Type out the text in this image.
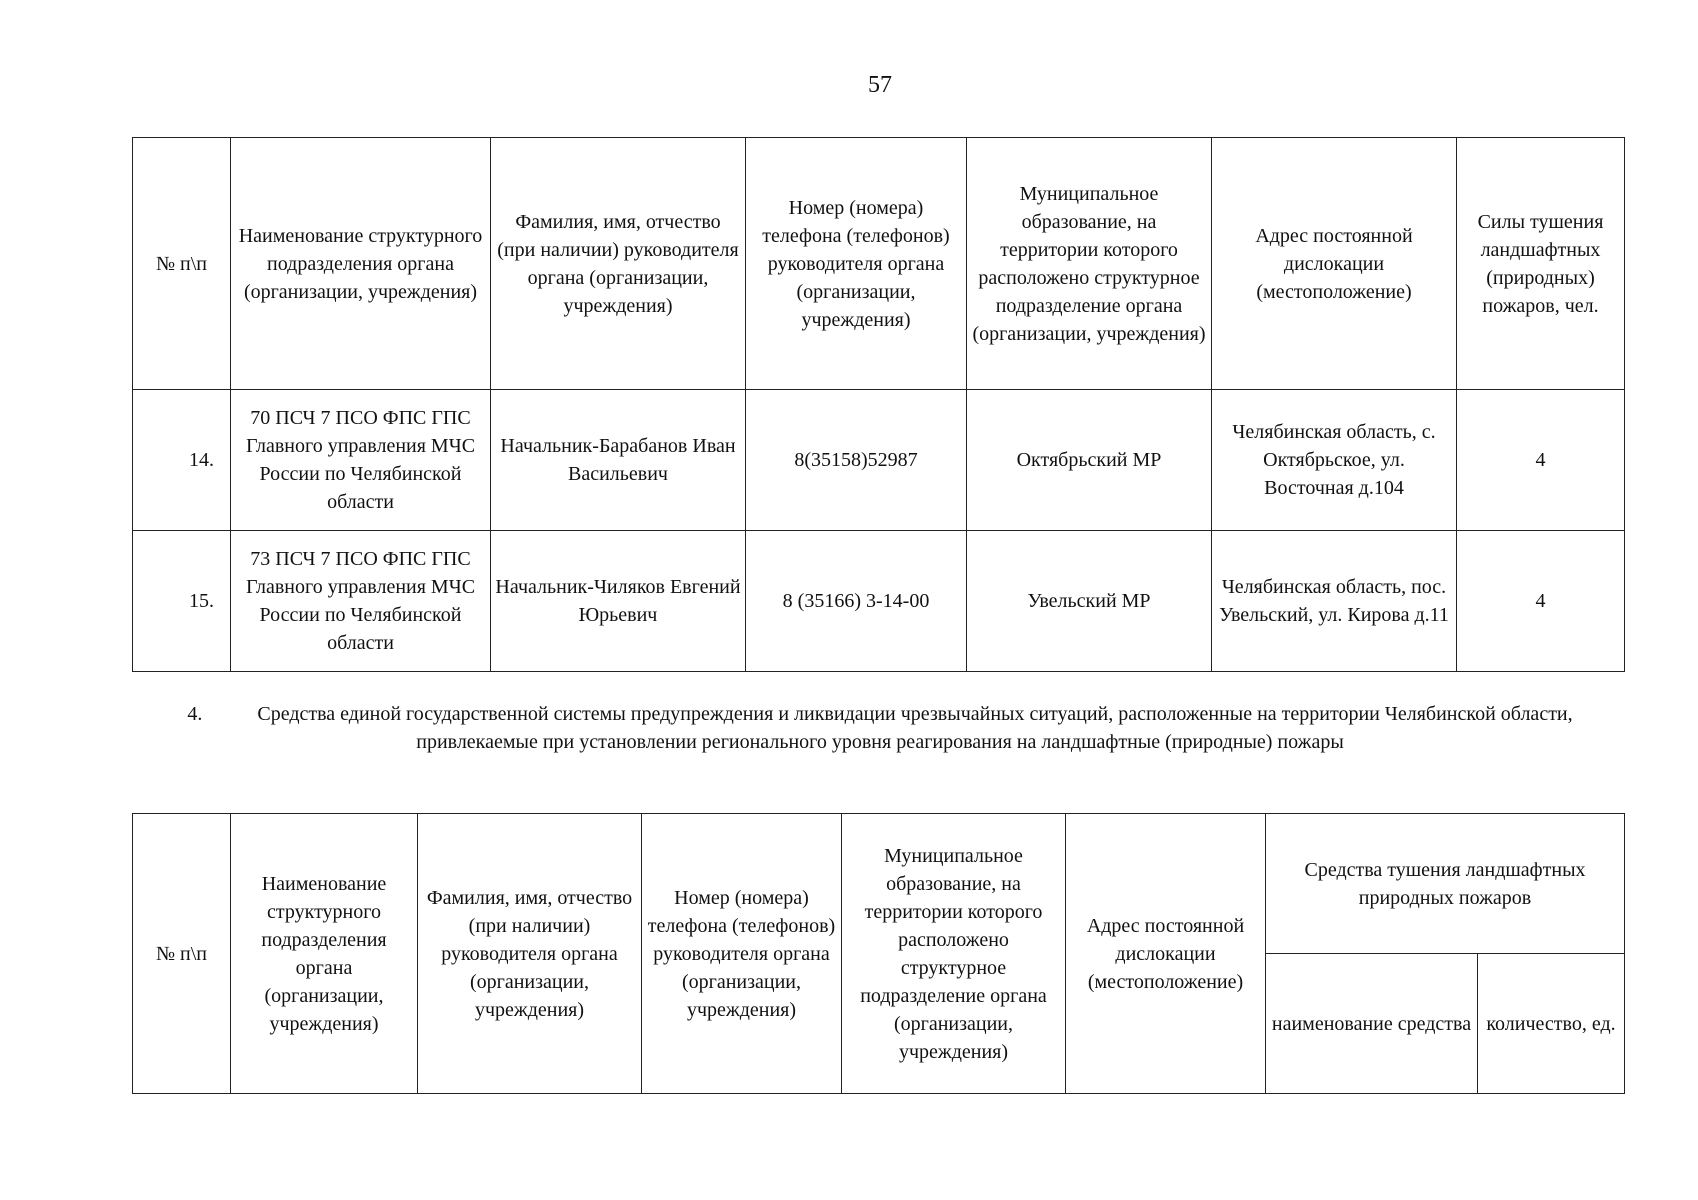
57
№ п\п	Наименование структурного подразделения органа (организации, учреждения)	Фамилия, имя, отчество (при наличии) руководителя органа (организации, учреждения)	Номер (номера) телефона (телефонов) руководителя органа (организации, учреждения)	Муниципальное образование, на территории которого расположено структурное подразделение органа (организации, учреждения)	Адрес постоянной дислокации (местоположение)	Силы тушения ландшафтных (природных) пожаров, чел.
14.	70 ПСЧ 7 ПСО ФПС ГПС Главного управления МЧС России по Челябинской области	Начальник-Барабанов Иван Васильевич	8(35158)52987	Октябрьский МР	Челябинская область, с. Октябрьское, ул. Восточная д.104	4
15.	73 ПСЧ 7 ПСО ФПС ГПС Главного управления МЧС России по Челябинской области	Начальник-Чиляков Евгений Юрьевич	8 (35166) 3-14-00	Увельский МР	Челябинская область, пос. Увельский, ул. Кирова д.11	4
4.	Средства единой государственной системы предупреждения и ликвидации чрезвычайных ситуаций, расположенные на территории Челябинской области, привлекаемые при установлении регионального уровня реагирования на ландшафтные (природные) пожары
№ п\п	Наименование структурного подразделения органа (организации, учреждения)	Фамилия, имя, отчество (при наличии) руководителя органа (организации, учреждения)	Номер (номера) телефона (телефонов) руководителя органа (организации, учреждения)	Муниципальное образование, на территории которого расположено структурное подразделение органа (организации, учреждения)	Адрес постоянной дислокации (местоположение)	Средства тушения ландшафтных природных пожаров	
						наименование средства	количество, ед.
